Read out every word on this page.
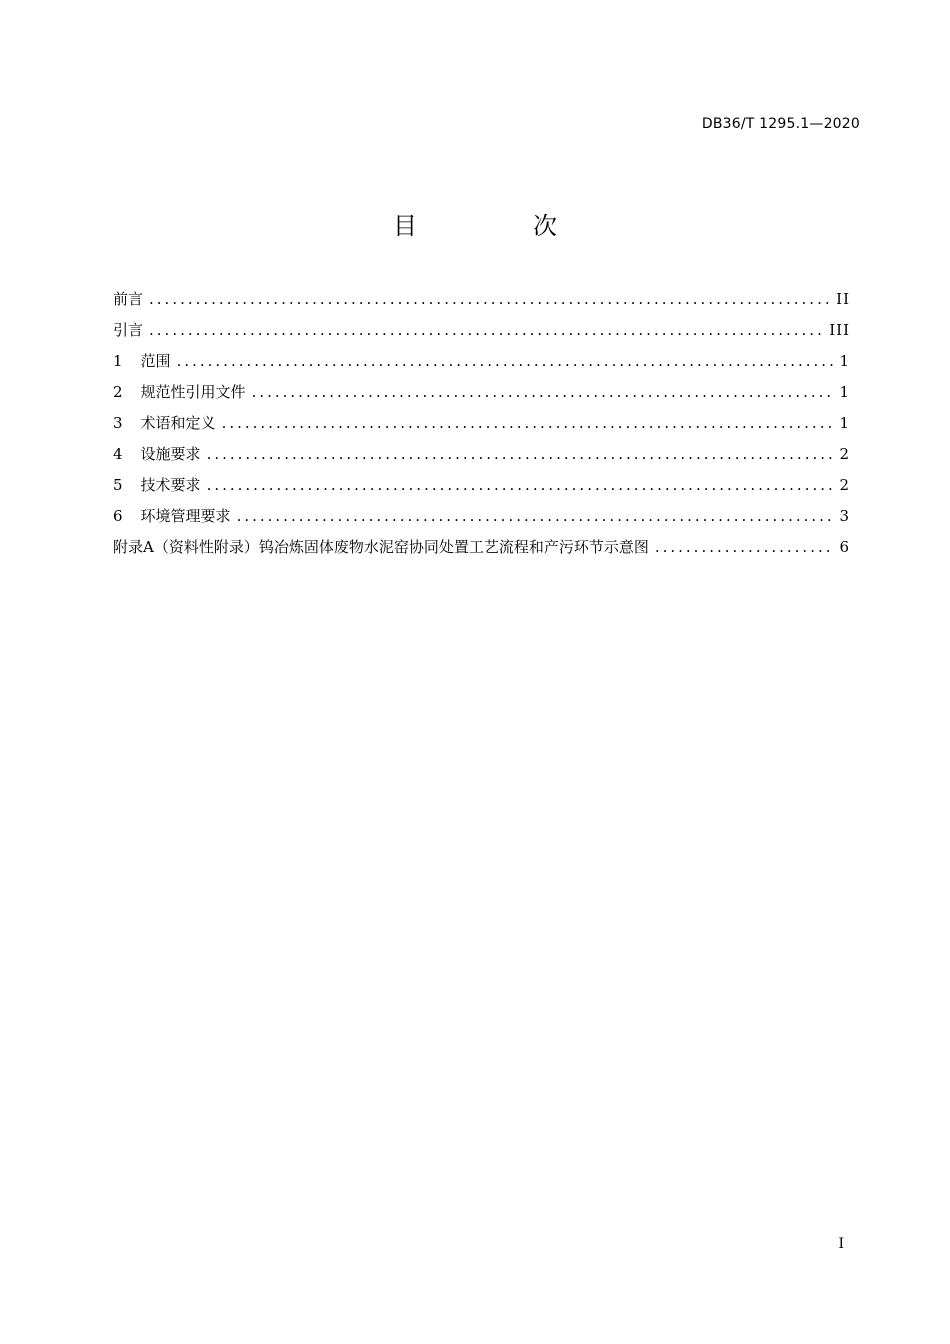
DB36/T 1295.1—2020
目　次
前言 .....	II
引言 .....	III
1 范围 .....	1
2 规范性引用文件 .....	1
3 术语和定义 .....	1
4 设施要求 .....	2
5 技术要求 .....	2
6 环境管理要求 .....	3
附录A（资料性附录）钨冶炼固体废物水泥窑协同处置工艺流程和产污环节示意图 .....	6
I
